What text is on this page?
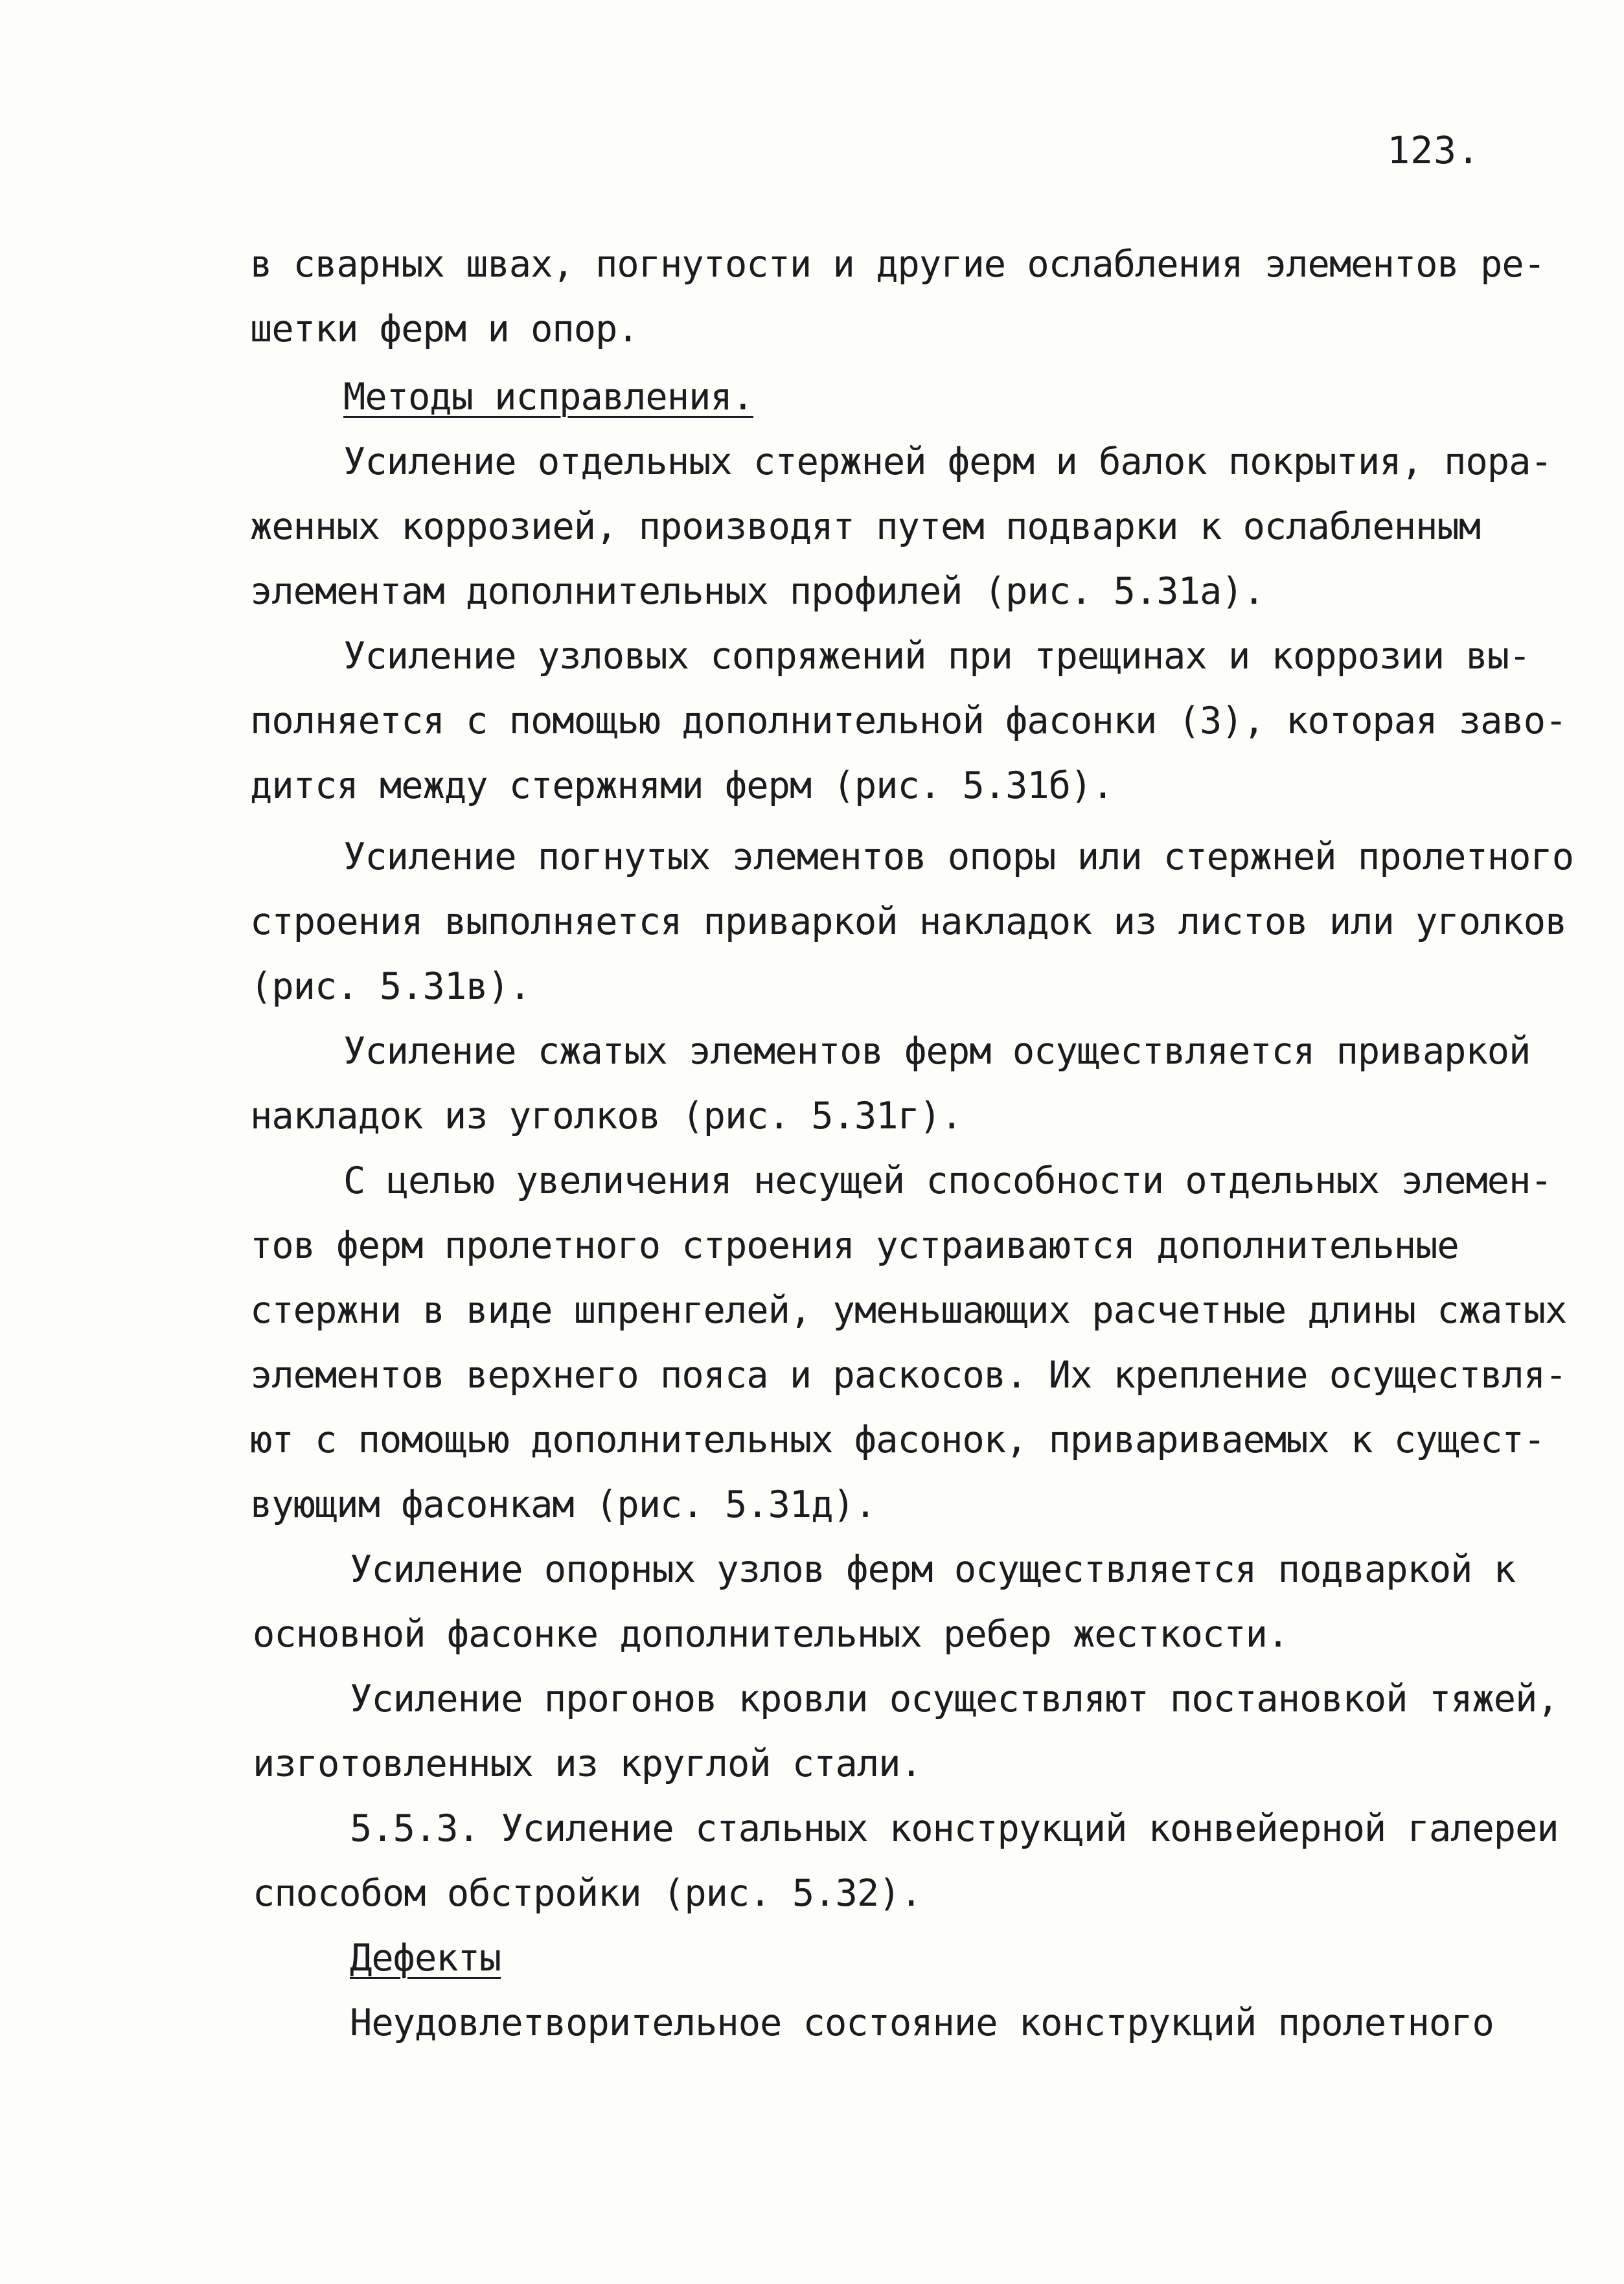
123.
в сварных швах, погнутости и другие ослабления элементов ре-
шетки ферм и опор.
Методы исправления.
Усиление отдельных стержней ферм и балок покрытия, пора-
женных коррозией, производят путем подварки к ослабленным
элементам дополнительных профилей (рис. 5.31а).
Усиление узловых сопряжений при трещинах и коррозии вы-
полняется с помощью дополнительной фасонки (3), которая заво-
дится между стержнями ферм (рис. 5.31б).
Усиление погнутых элементов опоры или стержней пролетного
строения выполняется приваркой накладок из листов или уголков
(рис. 5.31в).
Усиление сжатых элементов ферм осуществляется приваркой
накладок из уголков (рис. 5.31г).
С целью увеличения несущей способности отдельных элемен-
тов ферм пролетного строения устраиваются дополнительные
стержни в виде шпренгелей, уменьшающих расчетные длины сжатых
элементов верхнего пояса и раскосов. Их крепление осуществля-
ют с помощью дополнительных фасонок, привариваемых к сущест-
вующим фасонкам (рис. 5.31д).
Усиление опорных узлов ферм осуществляется подваркой к
основной фасонке дополнительных ребер жесткости.
Усиление прогонов кровли осуществляют постановкой тяжей,
изготовленных из круглой стали.
5.5.3. Усиление стальных конструкций конвейерной галереи
способом обстройки (рис. 5.32).
Дефекты
Неудовлетворительное состояние конструкций пролетного
